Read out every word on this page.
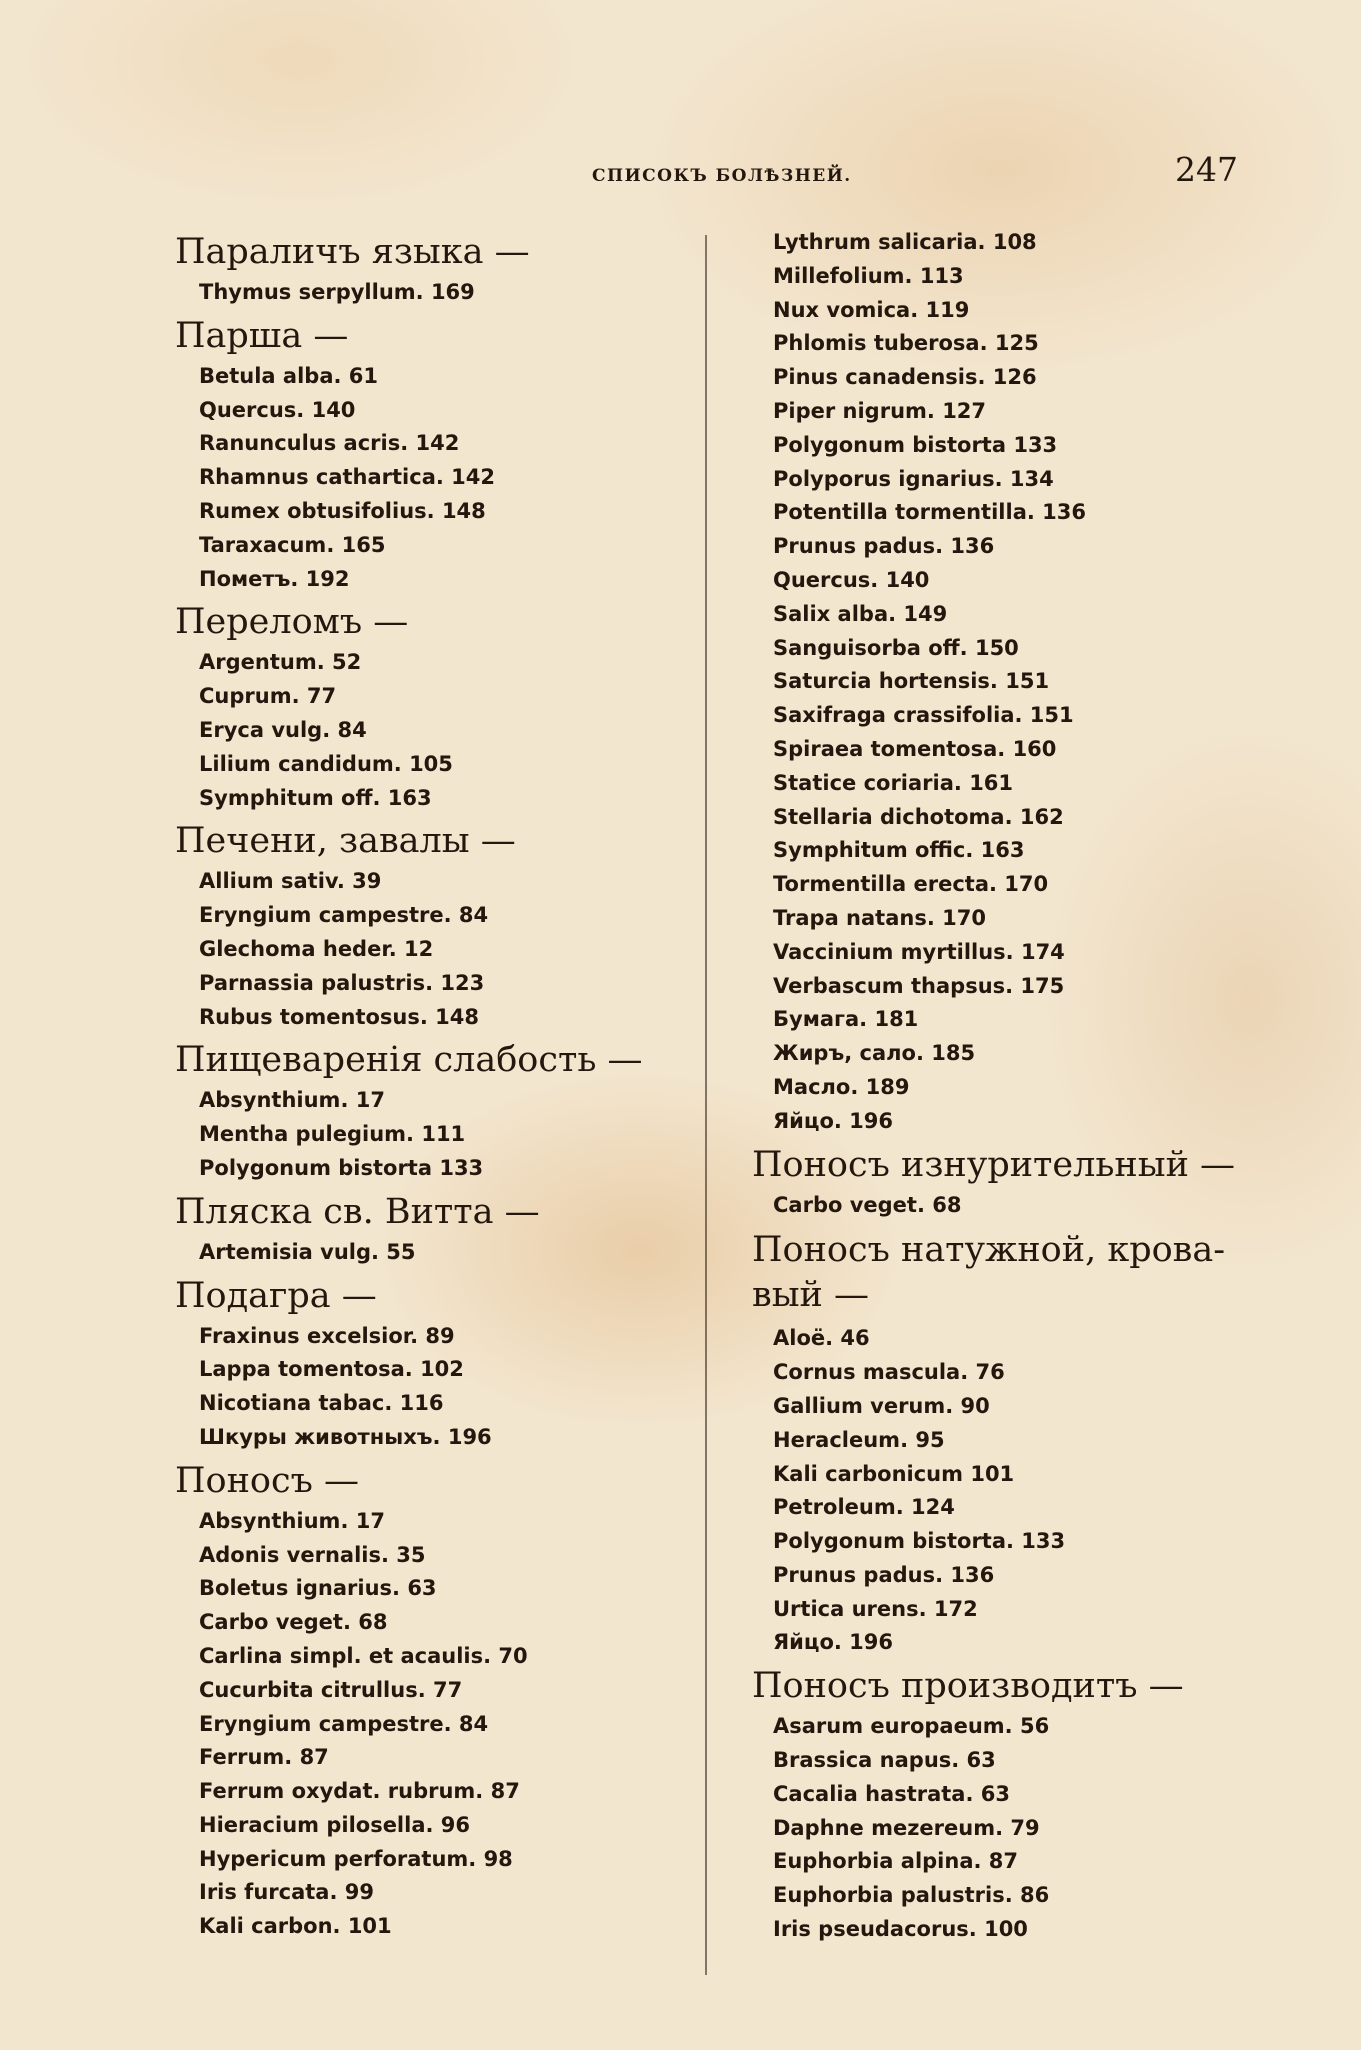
СПИСОКЪ БОЛѢЗНЕЙ.	247
Параличъ языка —
Thymus serpyllum. 169
Парша —
Betula alba. 61
Quercus. 140
Ranunculus acris. 142
Rhamnus cathartica. 142
Rumex obtusifolius. 148
Taraxacum. 165
Пометъ. 192
Переломъ —
Argentum. 52
Cuprum. 77
Eryca vulg. 84
Lilium candidum. 105
Symphitum off. 163
Печени, завалы —
Allium sativ. 39
Eryngium campestre. 84
Glechoma heder. 12
Parnassia palustris. 123
Rubus tomentosus. 148
Пищеваренія слабость —
Absynthium. 17
Mentha pulegium. 111
Polygonum bistorta 133
Пляска св. Витта —
Artemisia vulg. 55
Подагра —
Fraxinus excelsior. 89
Lappa tomentosa. 102
Nicotiana tabac. 116
Шкуры животныхъ. 196
Поносъ —
Absynthium. 17
Adonis vernalis. 35
Boletus ignarius. 63
Carbo veget. 68
Carlina simpl. et acaulis. 70
Cucurbita citrullus. 77
Eryngium campestre. 84
Ferrum. 87
Ferrum oxydat. rubrum. 87
Hieracium pilosella. 96
Hypericum perforatum. 98
Iris furcata. 99
Kali carbon. 101
Lythrum salicaria. 108
Millefolium. 113
Nux vomica. 119
Phlomis tuberosa. 125
Pinus canadensis. 126
Piper nigrum. 127
Polygonum bistorta 133
Polyporus ignarius. 134
Potentilla tormentilla. 136
Prunus padus. 136
Quercus. 140
Salix alba. 149
Sanguisorba off. 150
Saturcia hortensis. 151
Saxifraga crassifolia. 151
Spiraea tomentosa. 160
Statice coriaria. 161
Stellaria dichotoma. 162
Symphitum offic. 163
Tormentilla erecta. 170
Trapa natans. 170
Vaccinium myrtillus. 174
Verbascum thapsus. 175
Бумага. 181
Жиръ, сало. 185
Масло. 189
Яйцо. 196
Поносъ изнурительный —
Carbo veget. 68
Поносъ натужной, крова-
вый —
Aloë. 46
Cornus mascula. 76
Gallium verum. 90
Heracleum. 95
Kali carbonicum 101
Petroleum. 124
Polygonum bistorta. 133
Prunus padus. 136
Urtica urens. 172
Яйцо. 196
Поносъ производитъ —
Asarum europaeum. 56
Brassica napus. 63
Cacalia hastrata. 63
Daphne mezereum. 79
Euphorbia alpina. 87
Euphorbia palustris. 86
Iris pseudacorus. 100
